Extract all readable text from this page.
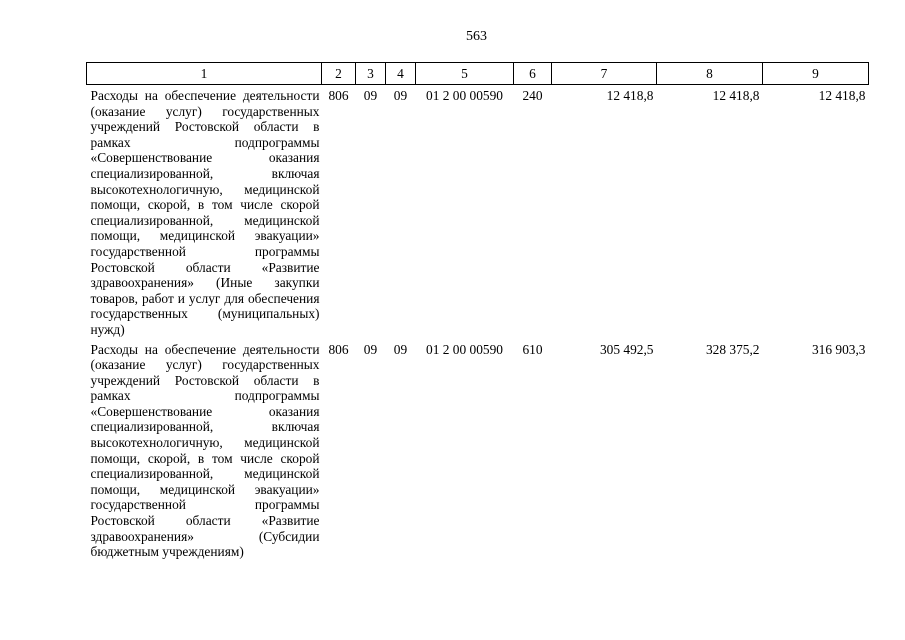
563
1	2	3	4	5	6	7	8	9
Расходы на обеспечение деятельности (оказание услуг) государственных учреждений Ростовской области в рамках подпрограммы «Совершенствование оказания специализированной, включая высокотехнологичную, медицинской помощи, скорой, в том числе скорой специализированной, медицинской помощи, медицинской эвакуации» государственной программы Ростовской области «Развитие здравоохранения» (Иные закупки товаров, работ и услуг для обеспечения государственных (муниципальных) нужд)	806	09	09	01 2 00 00590	240	12 418,8	12 418,8	12 418,8
Расходы на обеспечение деятельности (оказание услуг) государственных учреждений Ростовской области в рамках подпрограммы «Совершенствование оказания специализированной, включая высокотехнологичную, медицинской помощи, скорой, в том числе скорой специализированной, медицинской помощи, медицинской эвакуации» государственной программы Ростовской области «Развитие здравоохранения» (Субсидии бюджетным учреждениям)	806	09	09	01 2 00 00590	610	305 492,5	328 375,2	316 903,3
